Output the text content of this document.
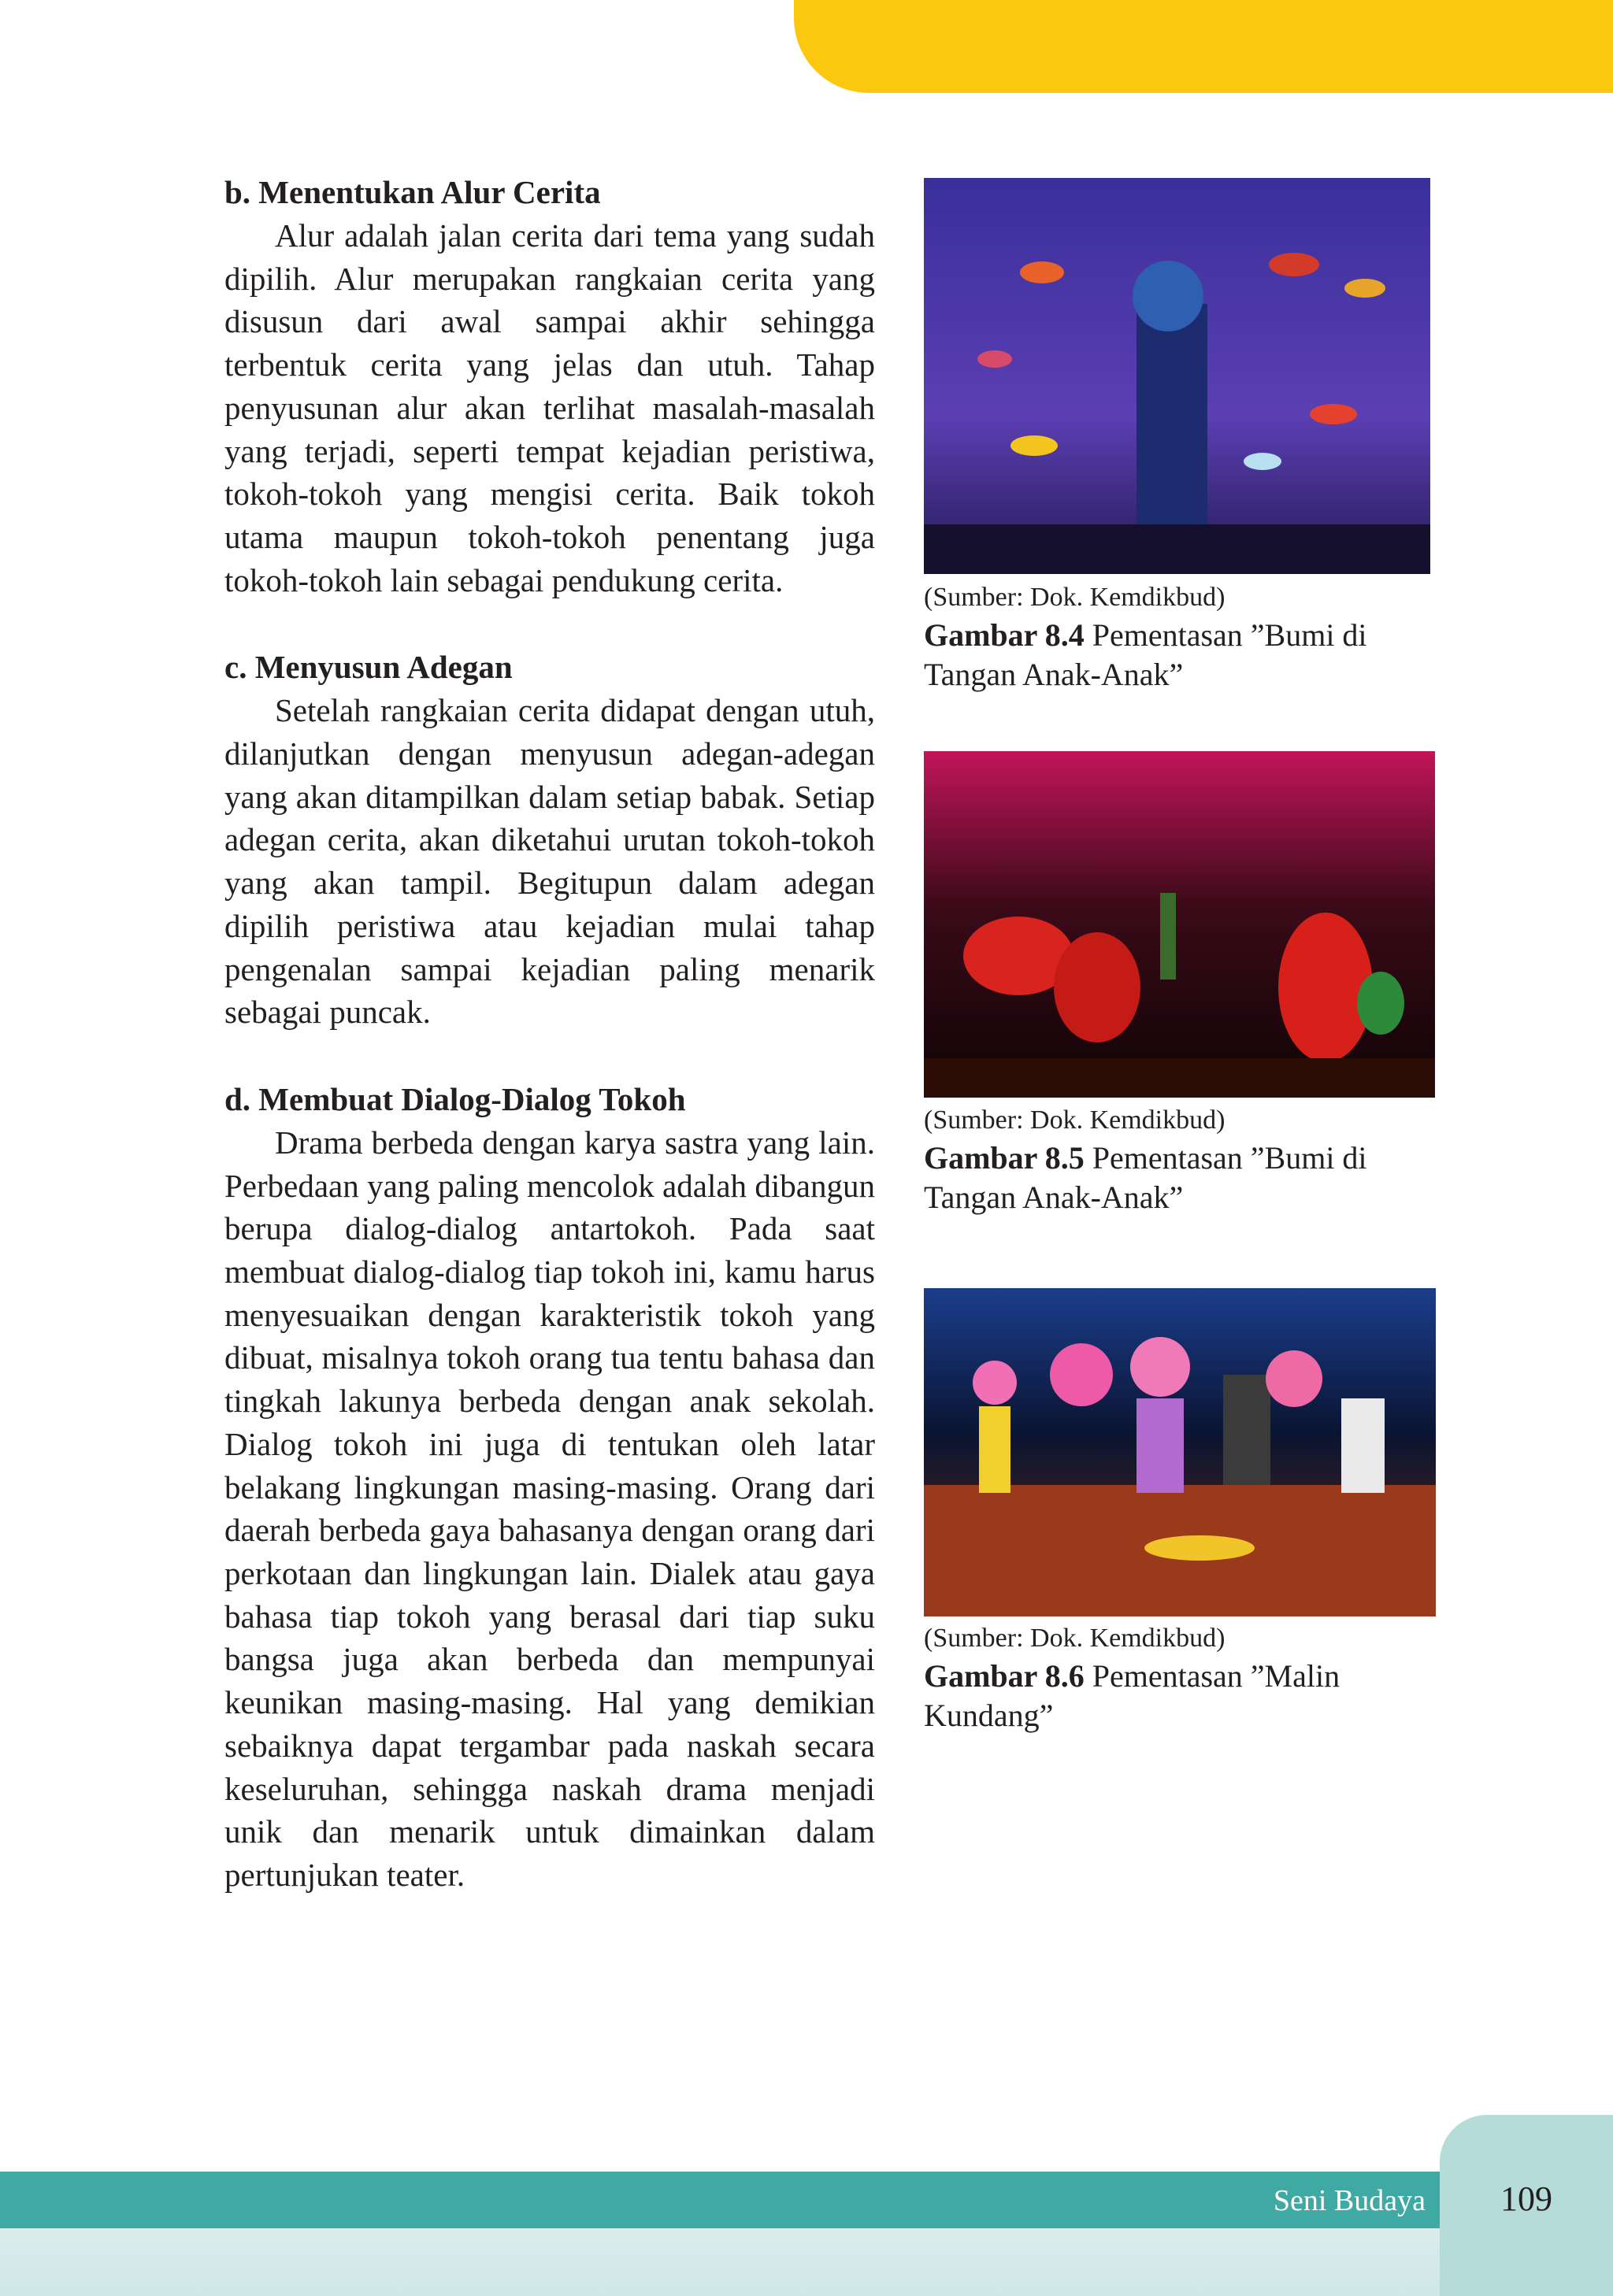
b. Menentukan Alur Cerita

Alur adalah jalan cerita dari tema yang sudah dipilih. Alur merupakan rangkaian cerita yang disusun dari awal sampai akhir sehingga terbentuk cerita yang jelas dan utuh. Tahap penyusunan alur akan terlihat masalah-masalah yang terjadi, seperti tempat kejadian peristiwa, tokoh-tokoh yang mengisi cerita. Baik tokoh utama maupun tokoh-tokoh penentang juga tokoh-tokoh lain sebagai pendukung cerita.

c. Menyusun Adegan

Setelah rangkaian cerita didapat dengan utuh, dilanjutkan dengan menyusun adegan-adegan yang akan ditampilkan dalam setiap babak. Setiap adegan cerita, akan diketahui urutan tokoh-tokoh yang akan tampil. Begitupun dalam adegan dipilih peristiwa atau kejadian mulai tahap pengenalan sampai kejadian paling menarik sebagai puncak.

d. Membuat Dialog-Dialog Tokoh

Drama berbeda dengan karya sastra yang lain. Perbedaan yang paling mencolok adalah dibangun berupa dialog-dialog antartokoh. Pada saat membuat dialog-dialog tiap tokoh ini, kamu harus menyesuaikan dengan karakteristik tokoh yang dibuat, misalnya tokoh orang tua tentu bahasa dan tingkah lakunya berbeda dengan anak sekolah. Dialog tokoh ini juga di tentukan oleh latar belakang lingkungan masing-masing. Orang dari daerah berbeda gaya bahasanya dengan orang dari perkotaan dan lingkungan lain. Dialek atau gaya bahasa tiap tokoh yang berasal dari tiap suku bangsa juga akan berbeda dan mempunyai keunikan masing-masing. Hal yang demikian sebaiknya dapat tergambar pada naskah secara keseluruhan, sehingga naskah drama menjadi unik dan menarik untuk dimainkan dalam pertunjukan teater.

(Sumber: Dok. Kemdikbud)

Gambar 8.4 Pementasan ”Bumi di Tangan Anak-Anak”

(Sumber: Dok. Kemdikbud)

Gambar 8.5 Pementasan ”Bumi di Tangan Anak-Anak”

(Sumber: Dok. Kemdikbud)

Gambar 8.6 Pementasan ”Malin Kundang”

Seni Budaya	109
